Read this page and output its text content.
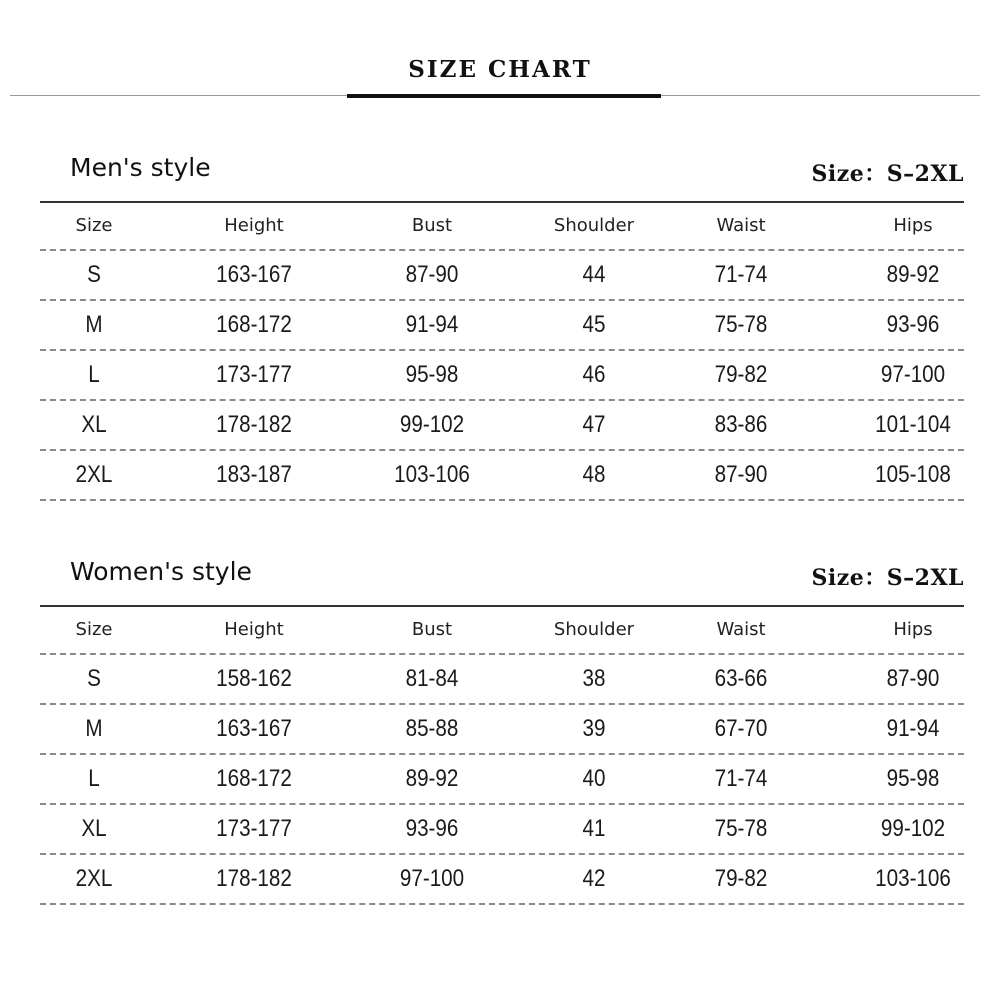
SIZE CHART
Men's style	Size：S–2XL
Size	Height	Bust	Shoulder	Waist	Hips
S	163-167	87-90	44	71-74	89-92
M	168-172	91-94	45	75-78	93-96
L	173-177	95-98	46	79-82	97-100
XL	178-182	99-102	47	83-86	101-104
2XL	183-187	103-106	48	87-90	105-108
Women's style	Size：S–2XL
Size	Height	Bust	Shoulder	Waist	Hips
S	158-162	81-84	38	63-66	87-90
M	163-167	85-88	39	67-70	91-94
L	168-172	89-92	40	71-74	95-98
XL	173-177	93-96	41	75-78	99-102
2XL	178-182	97-100	42	79-82	103-106
